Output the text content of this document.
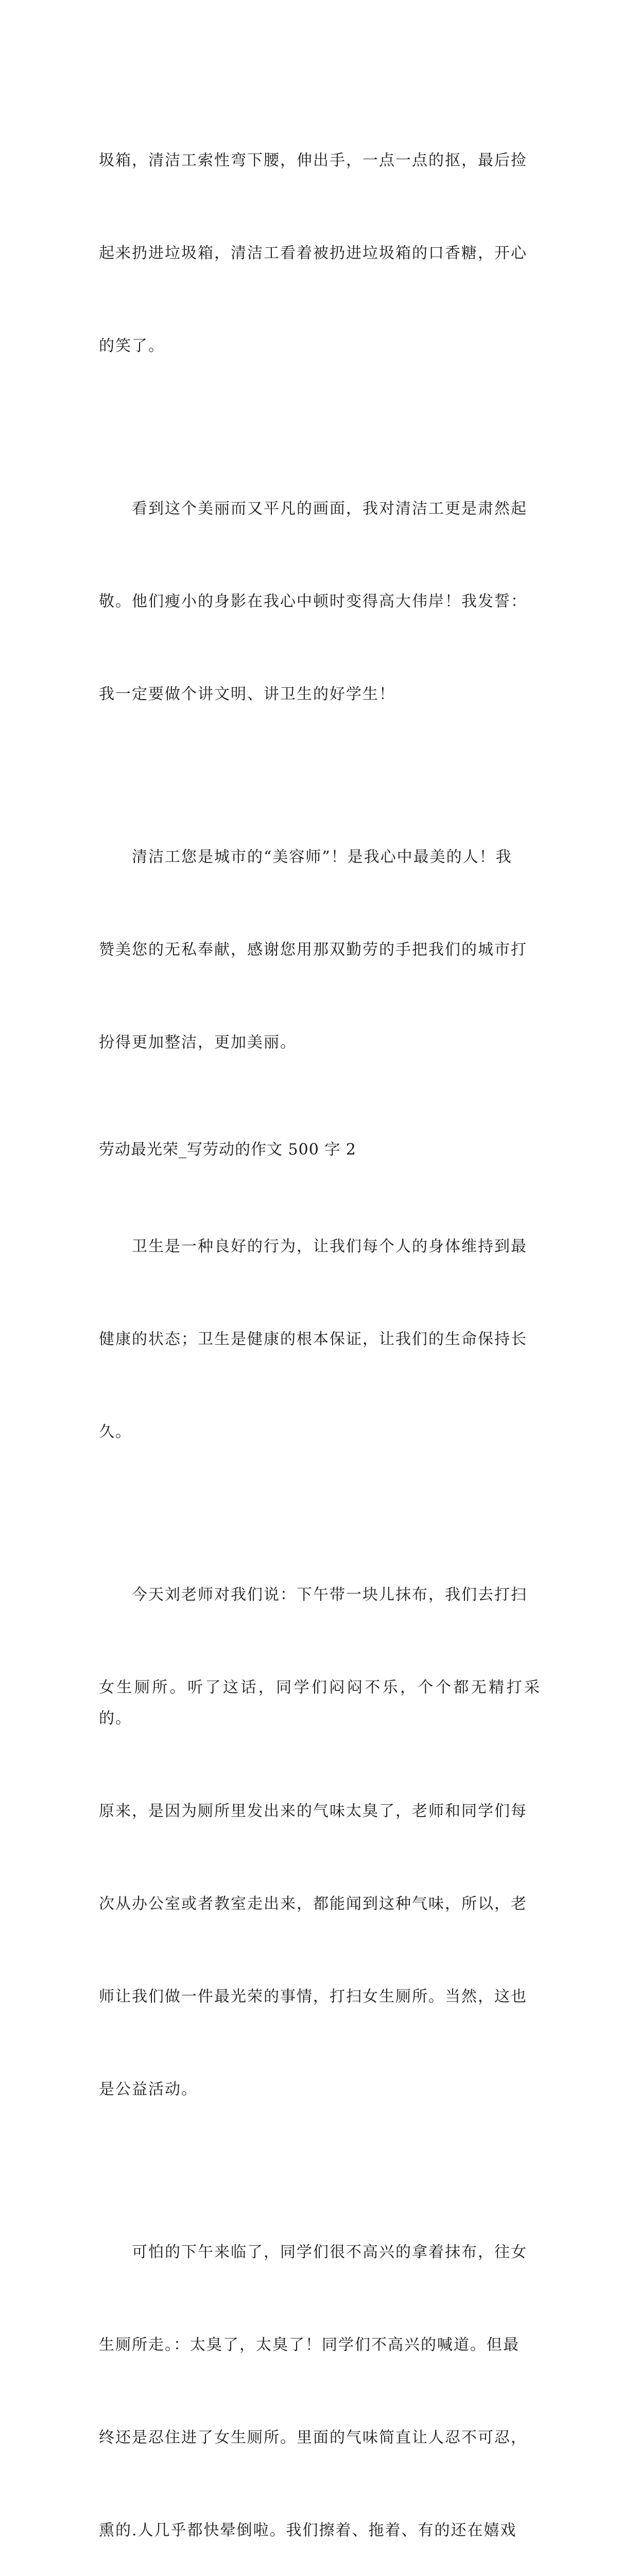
圾箱，清洁工索性弯下腰，伸出手，一点一点的抠，最后捡

起来扔进垃圾箱，清洁工看着被扔进垃圾箱的口香糖，开心

的笑了。

看到这个美丽而又平凡的画面，我对清洁工更是肃然起

敬。他们瘦小的身影在我心中顿时变得高大伟岸！我发誓：

我一定要做个讲文明、讲卫生的好学生！

清洁工您是城市的“美容师”！是我心中最美的人！我

赞美您的无私奉献，感谢您用那双勤劳的手把我们的城市打

扮得更加整洁，更加美丽。

劳动最光荣_写劳动的作文 500 字 2

卫生是一种良好的行为，让我们每个人的身体维持到最

健康的状态；卫生是健康的根本保证，让我们的生命保持长

久。

今天刘老师对我们说：下午带一块儿抹布，我们去打扫

女生厕所。听了这话，同学们闷闷不乐，个个都无精打采的。

原来，是因为厕所里发出来的气味太臭了，老师和同学们每

次从办公室或者教室走出来，都能闻到这种气味，所以，老

师让我们做一件最光荣的事情，打扫女生厕所。当然，这也

是公益活动。

可怕的下午来临了，同学们很不高兴的拿着抹布，往女

生厕所走。：太臭了，太臭了！同学们不高兴的喊道。但最

终还是忍住进了女生厕所。里面的气味简直让人忍不可忍，

熏的.人几乎都快晕倒啦。我们擦着、拖着、有的还在嬉戏
